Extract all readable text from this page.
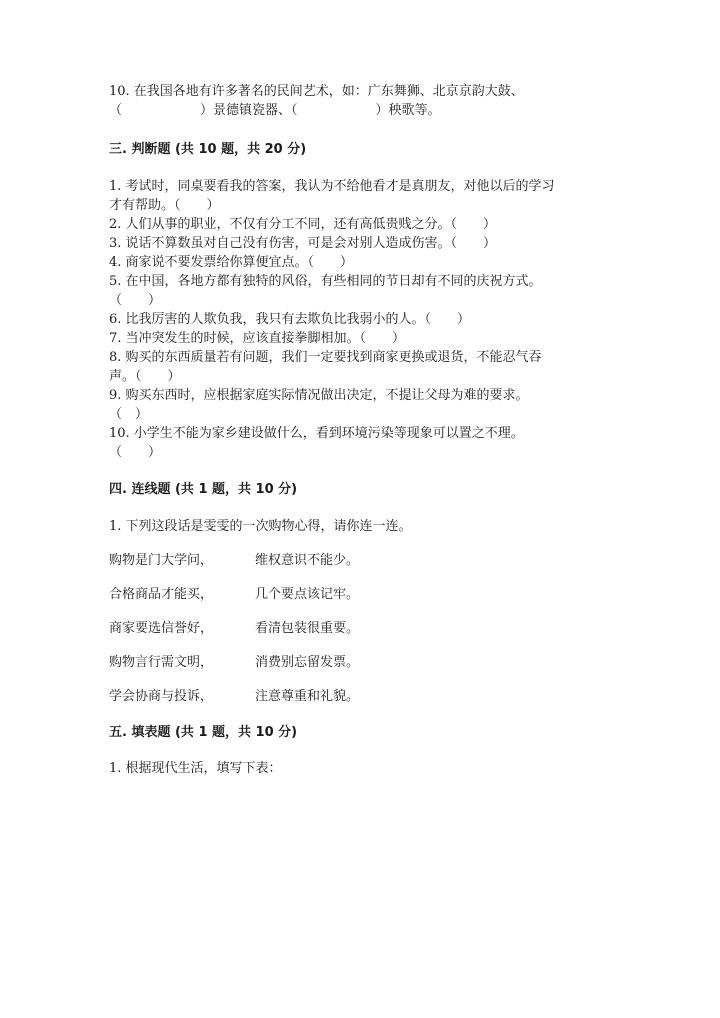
10. 在我国各地有许多著名的民间艺术，如：广东舞狮、北京京韵大鼓、
（　　　　　　）景德镇瓷器、（　　　　　　）秧歌等。
三. 判断题 (共 10 题，共 20 分)
1. 考试时，同桌要看我的答案，我认为不给他看才是真朋友，对他以后的学习
才有帮助。（　　）
2. 人们从事的职业，不仅有分工不同，还有高低贵贱之分。（　　）
3. 说话不算数虽对自己没有伤害，可是会对别人造成伤害。（　　）
4. 商家说不要发票给你算便宜点。（　　）
5. 在中国，各地方都有独特的风俗，有些相同的节日却有不同的庆祝方式。
（　　）
6. 比我厉害的人欺负我，我只有去欺负比我弱小的人。（　　）
7. 当冲突发生的时候，应该直接拳脚相加。（　　）
8. 购买的东西质量若有问题，我们一定要找到商家更换或退货，不能忍气吞
声。（　　）
9. 购买东西时，应根据家庭实际情况做出决定，不提让父母为难的要求。
（　）
10. 小学生不能为家乡建设做什么，看到环境污染等现象可以置之不理。
（　　）
四. 连线题 (共 1 题，共 10 分)
1. 下列这段话是雯雯的一次购物心得，请你连一连。
购物是门大学问，	维权意识不能少。
合格商品才能买，	几个要点该记牢。
商家要选信誉好，	看清包装很重要。
购物言行需文明，	消费别忘留发票。
学会协商与投诉，	注意尊重和礼貌。
五. 填表题 (共 1 题，共 10 分)
1. 根据现代生活，填写下表：
